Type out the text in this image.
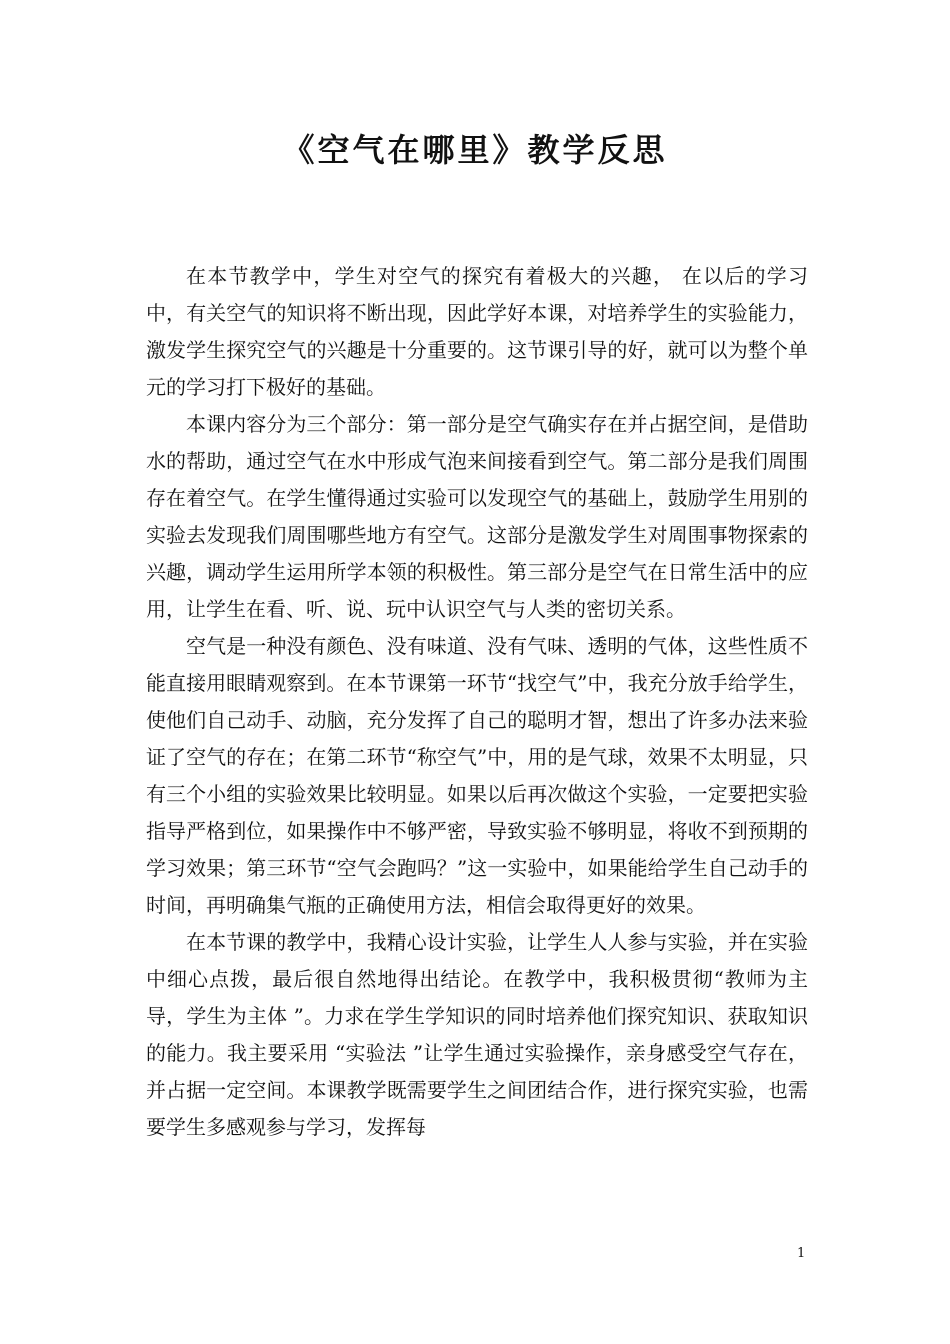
《空气在哪里》教学反思

在本节教学中，学生对空气的探究有着极大的兴趣， 在以后的学习中，有关空气的知识将不断出现，因此学好本课，对培养学生的实验能力，激发学生探究空气的兴趣是十分重要的。这节课引导的好，就可以为整个单元的学习打下极好的基础。

本课内容分为三个部分：第一部分是空气确实存在并占据空间，是借助水的帮助，通过空气在水中形成气泡来间接看到空气。第二部分是我们周围存在着空气。在学生懂得通过实验可以发现空气的基础上，鼓励学生用别的实验去发现我们周围哪些地方有空气。这部分是激发学生对周围事物探索的兴趣，调动学生运用所学本领的积极性。第三部分是空气在日常生活中的应用，让学生在看、听、说、玩中认识空气与人类的密切关系。

空气是一种没有颜色、没有味道、没有气味、透明的气体，这些性质不能直接用眼睛观察到。在本节课第一环节“找空气”中，我充分放手给学生，使他们自己动手、动脑，充分发挥了自己的聪明才智，想出了许多办法来验证了空气的存在；在第二环节“称空气”中，用的是气球，效果不太明显，只有三个小组的实验效果比较明显。如果以后再次做这个实验，一定要把实验指导严格到位，如果操作中不够严密，导致实验不够明显，将收不到预期的学习效果；第三环节“空气会跑吗？”这一实验中，如果能给学生自己动手的时间，再明确集气瓶的正确使用方法，相信会取得更好的效果。

在本节课的教学中，我精心设计实验，让学生人人参与实验，并在实验中细心点拨，最后很自然地得出结论。在教学中，我积极贯彻“教师为主导，学生为主体 ”。力求在学生学知识的同时培养他们探究知识、获取知识的能力。我主要采用 “实验法 ”让学生通过实验操作，亲身感受空气存在，并占据一定空间。本课教学既需要学生之间团结合作，进行探究实验，也需要学生多感观参与学习，发挥每

1
